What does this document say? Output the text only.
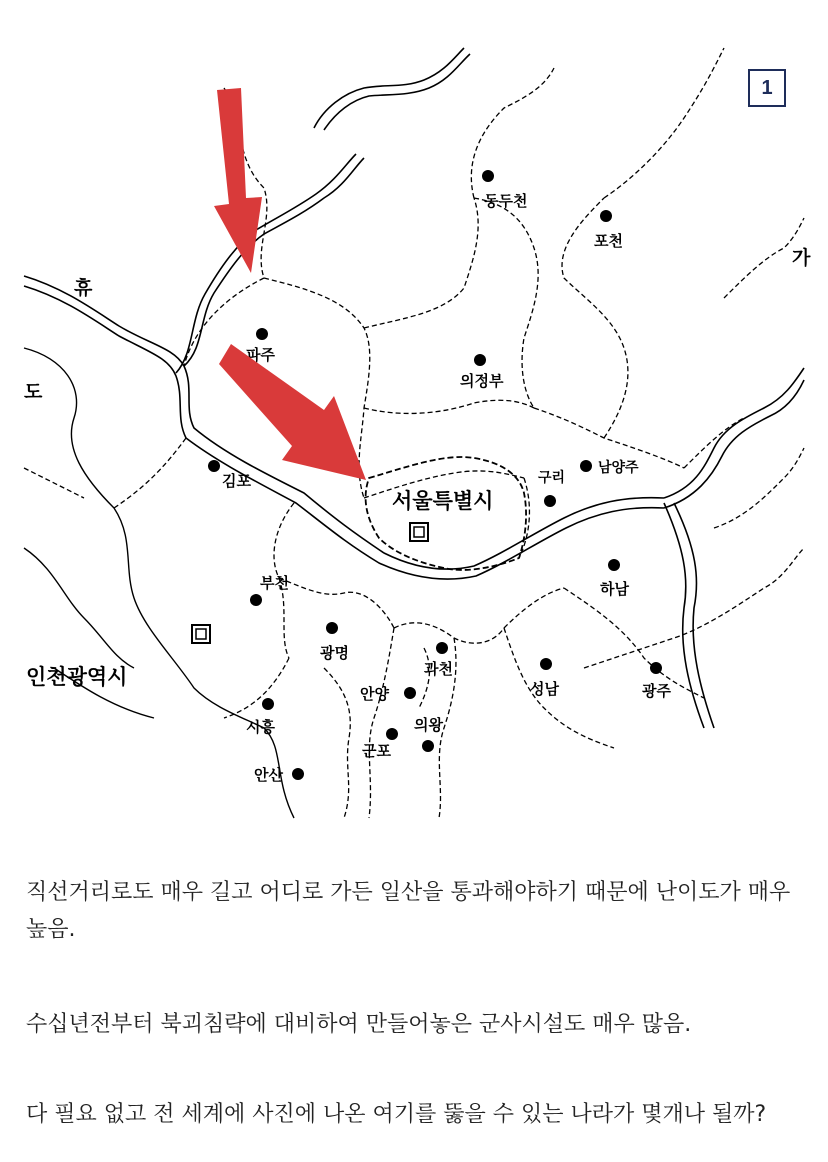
동두천
포천
파주
의정부
김포
서울특별시
구리
남양주
하남
부천
광명
과천
인천광역시
안양	성남	광주
시흥	의왕
군포
안산
휴
도
가
1

직선거리로도 매우 길고 어디로 가든 일산을 통과해야하기 때문에 난이도가 매우 높음.

수십년전부터 북괴침략에 대비하여 만들어놓은 군사시설도 매우 많음.

다 필요 없고 전 세계에 사진에 나온 여기를 뚫을 수 있는 나라가 몇개나 될까?
